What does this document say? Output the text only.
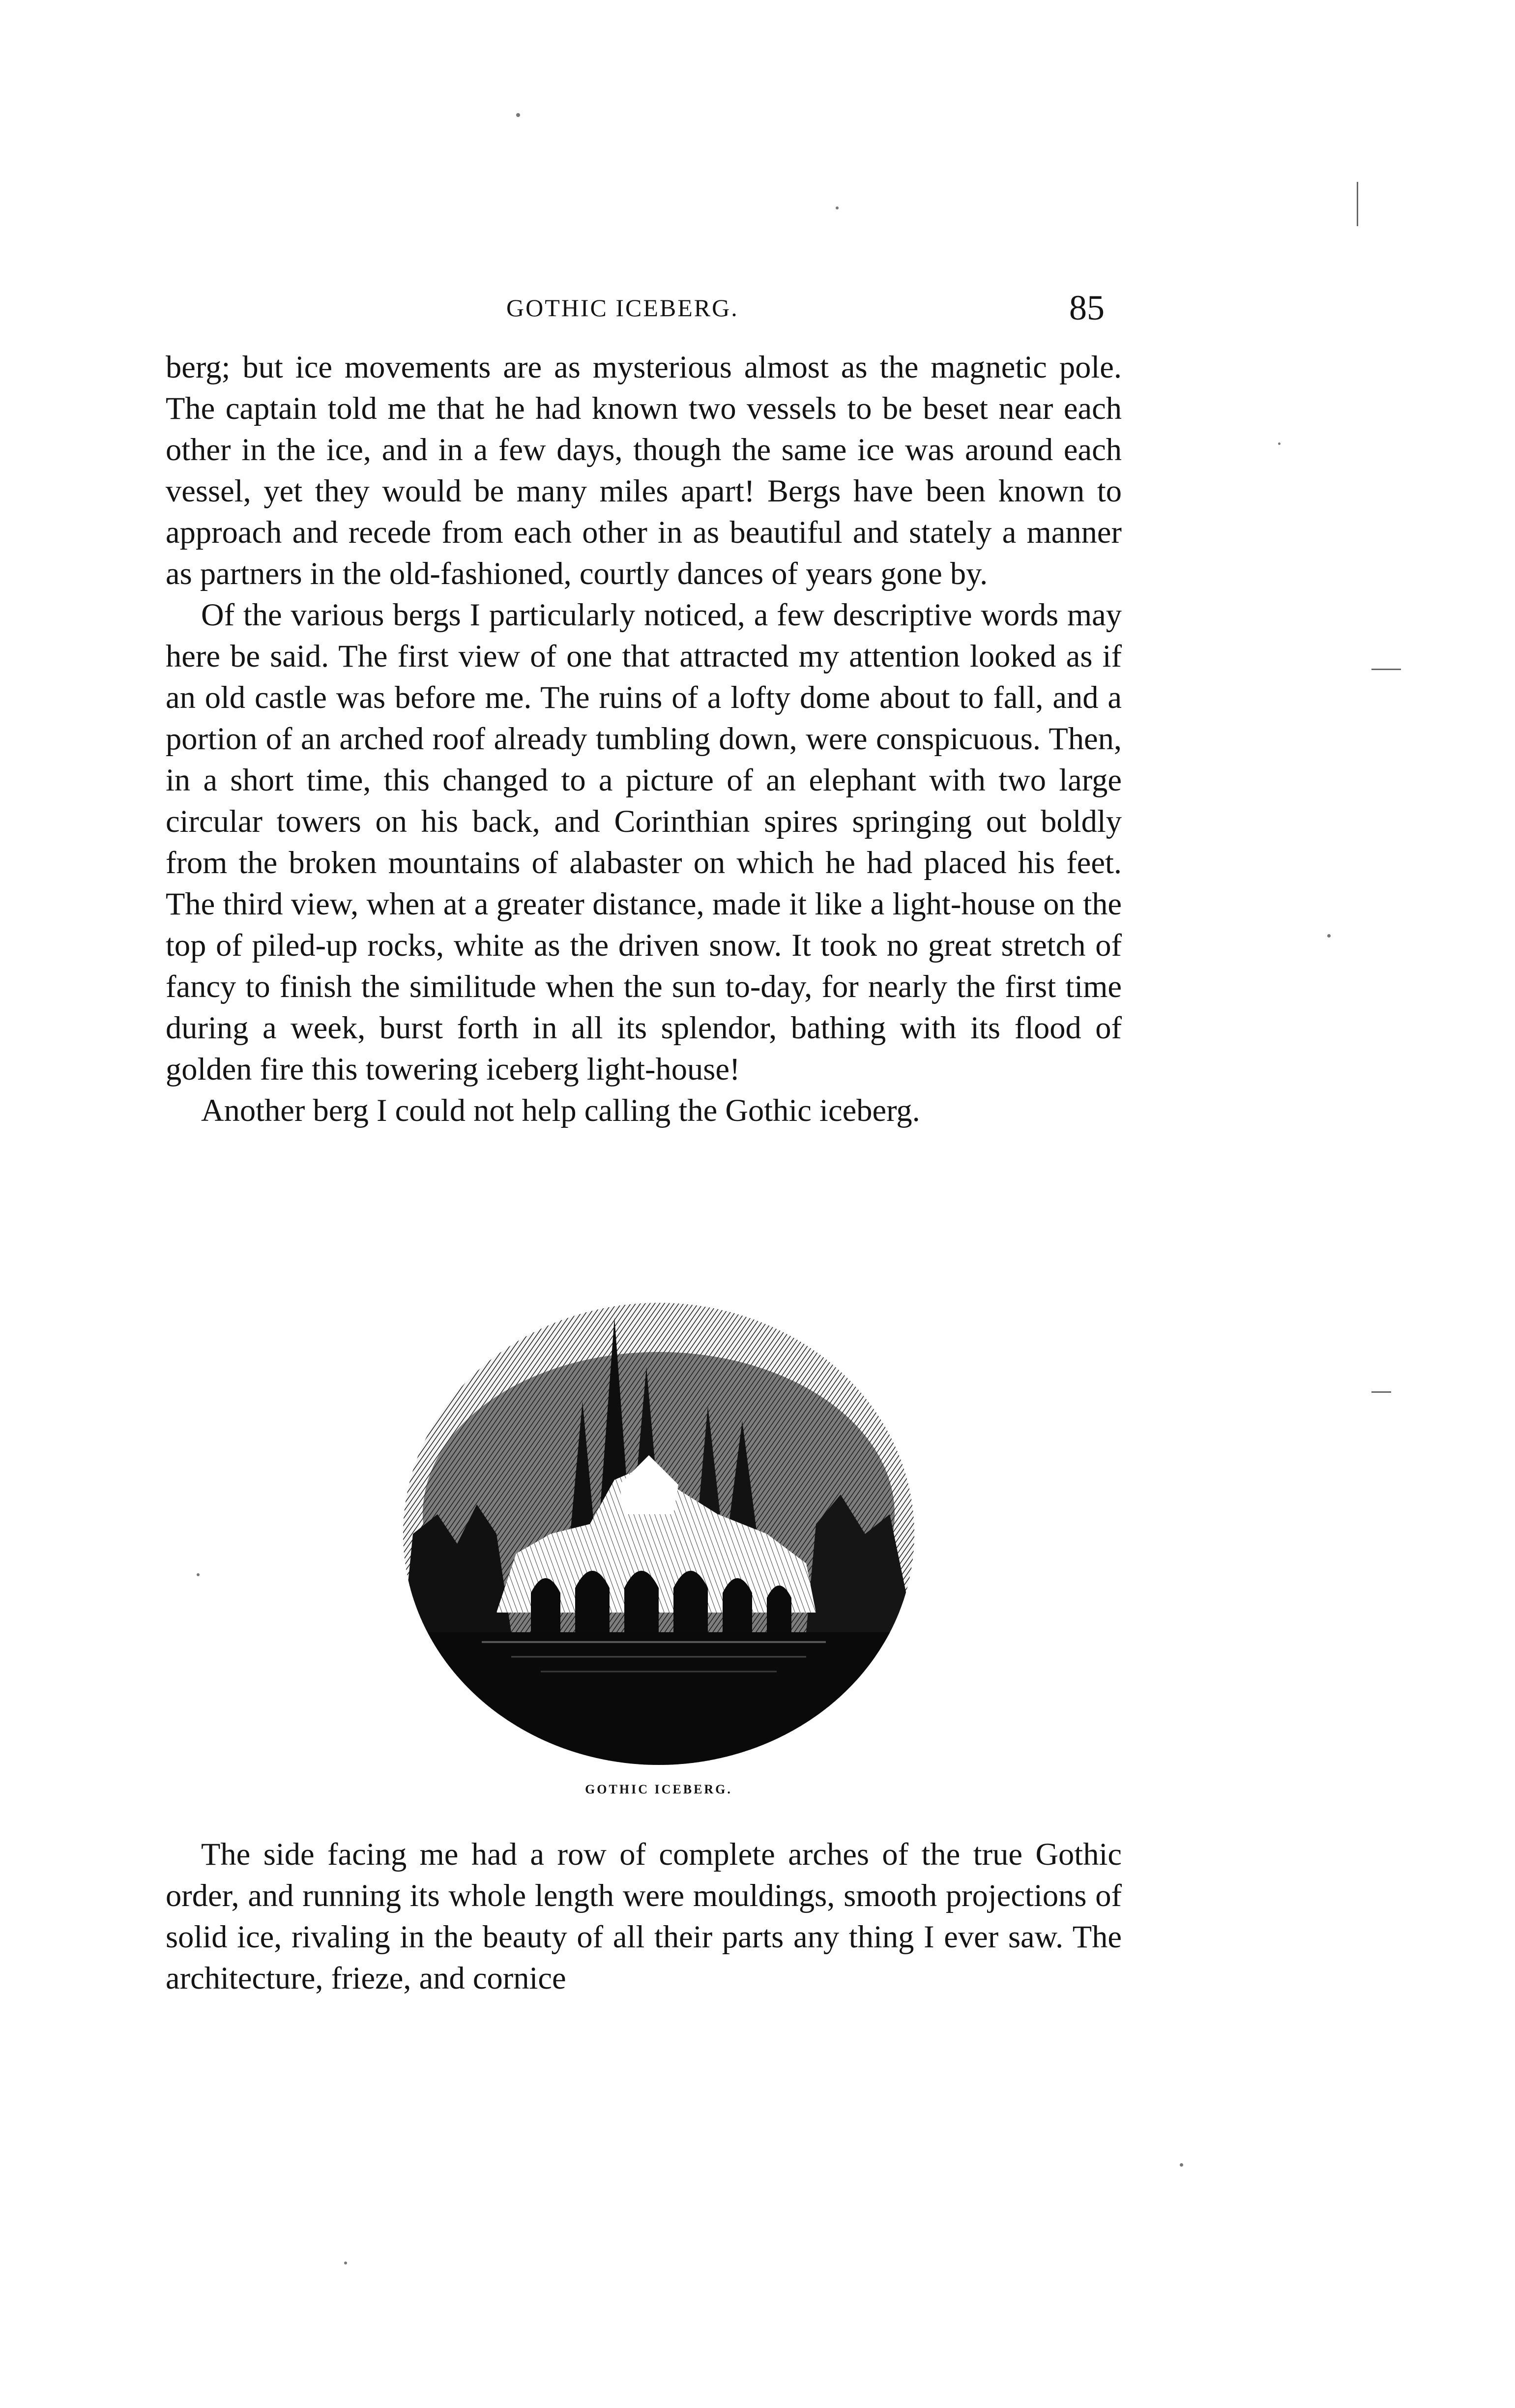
GOTHIC ICEBERG.	85

berg; but ice movements are as mysterious almost as the magnetic pole. The captain told me that he had known two vessels to be beset near each other in the ice, and in a few days, though the same ice was around each vessel, yet they would be many miles apart! Bergs have been known to approach and recede from each other in as beautiful and stately a manner as partners in the old-fashioned, courtly dances of years gone by.

Of the various bergs I particularly noticed, a few descriptive words may here be said. The first view of one that attracted my attention looked as if an old castle was before me. The ruins of a lofty dome about to fall, and a portion of an arched roof already tumbling down, were conspicuous. Then, in a short time, this changed to a picture of an elephant with two large circular towers on his back, and Corinthian spires springing out boldly from the broken mountains of alabaster on which he had placed his feet. The third view, when at a greater distance, made it like a light-house on the top of piled-up rocks, white as the driven snow. It took no great stretch of fancy to finish the similitude when the sun to-day, for nearly the first time during a week, burst forth in all its splendor, bathing with its flood of golden fire this towering iceberg light-house!

Another berg I could not help calling the Gothic iceberg.

GOTHIC ICEBERG.

The side facing me had a row of complete arches of the true Gothic order, and running its whole length were mouldings, smooth projections of solid ice, rivaling in the beauty of all their parts any thing I ever saw. The architecture, frieze, and cornice
